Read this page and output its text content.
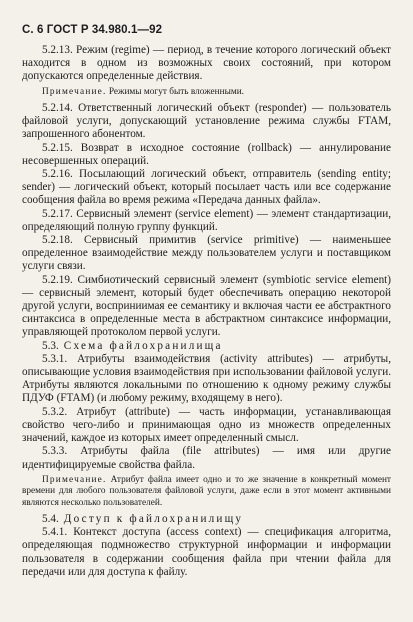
С. 6 ГОСТ Р 34.980.1—92

5.2.13. Режим (regime) — период, в течение которого логический объект находится в одном из возможных своих состояний, при котором допускаются определенные действия.

Примечание. Режимы могут быть вложенными.

5.2.14. Ответственный логический объект (responder) — пользователь файловой услуги, допускающий установление режима службы FTAM, запрошенного абонентом.

5.2.15. Возврат в исходное состояние (rollback) — аннулирование несовершенных операций.

5.2.16. Посылающий логический объект, отправитель (sending entity; sender) — логический объект, который посылает часть или все содержание сообщения файла во время режима «Передача данных файла».

5.2.17. Сервисный элемент (service element) — элемент стандартизации, определяющий полную группу функций.

5.2.18. Сервисный примитив (service primitive) — наименьшее определенное взаимодействие между пользователем услуги и поставщиком услуги связи.

5.2.19. Симбиотический сервисный элемент (symbiotic service element) — сервисный элемент, который будет обеспечивать операцию некоторой другой услуги, восприниимая ее семантику и включая части ее абстрактного синтаксиса в определенные места в абстрактном синтаксисе информации, управляющей протоколом первой услуги.

5.3. Схема файлохранилища

5.3.1. Атрибуты взаимодействия (activity attributes) — атрибуты, описывающие условия взаимодействия при использовании файловой услуги. Атрибуты являются локальными по отношению к одному режиму службы ПДУФ (FTAM) (и любому режиму, входящему в него).

5.3.2. Атрибут (attribute) — часть информации, устанавливающая свойство чего-либо и принимающая одно из множеств определенных значений, каждое из которых имеет определенный смысл.

5.3.3. Атрибуты файла (file attributes) — имя или другие идентифицируемые свойства файла.

Примечание. Атрибут файла имеет одно и то же значение в конкретный момент времени для любого пользователя файловой услуги, даже если в этот момент активными являются несколько пользователей.

5.4. Доступ к файлохранилищу

5.4.1. Контекст доступа (access context) — спецификация алгоритма, определяющая подмножество структурной информации и информации пользователя в содержании сообщения файла при чтении файла для передачи или для доступа к файлу.
